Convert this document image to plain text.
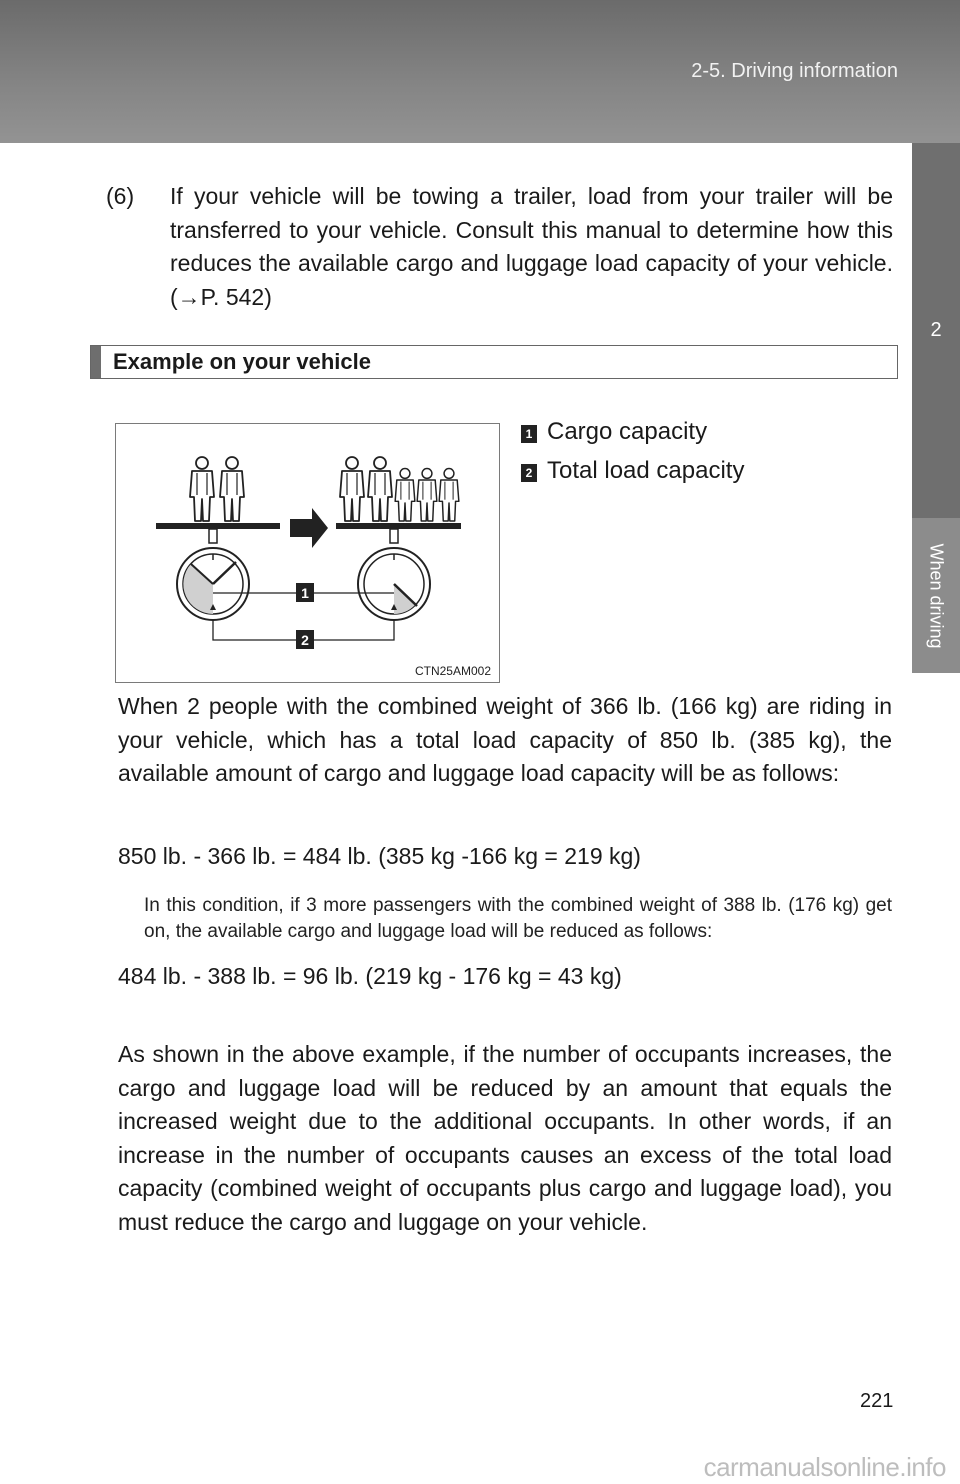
2-5. Driving information
2
When driving
(6) If your vehicle will be towing a trailer, load from your trailer will be transferred to your vehicle. Consult this manual to determine how this reduces the available cargo and luggage load capacity of your vehicle. (→P. 542)
Example on your vehicle
1
2
CTN25AM002
1 Cargo capacity
2 Total load capacity
When 2 people with the combined weight of 366 lb. (166 kg) are riding in your vehicle, which has a total load capacity of 850 lb. (385 kg), the available amount of cargo and luggage load capacity will be as follows:
850 lb. - 366 lb. = 484 lb. (385 kg -166 kg = 219 kg)
In this condition, if 3 more passengers with the combined weight of 388 lb. (176 kg) get on, the available cargo and luggage load will be reduced as follows:
484 lb. - 388 lb. = 96 lb. (219 kg - 176 kg = 43 kg)
As shown in the above example, if the number of occupants increases, the cargo and luggage load will be reduced by an amount that equals the increased weight due to the additional occupants. In other words, if an increase in the number of occupants causes an excess of the total load capacity (combined weight of occupants plus cargo and luggage load), you must reduce the cargo and luggage on your vehicle.
221
carmanualsonline.info
